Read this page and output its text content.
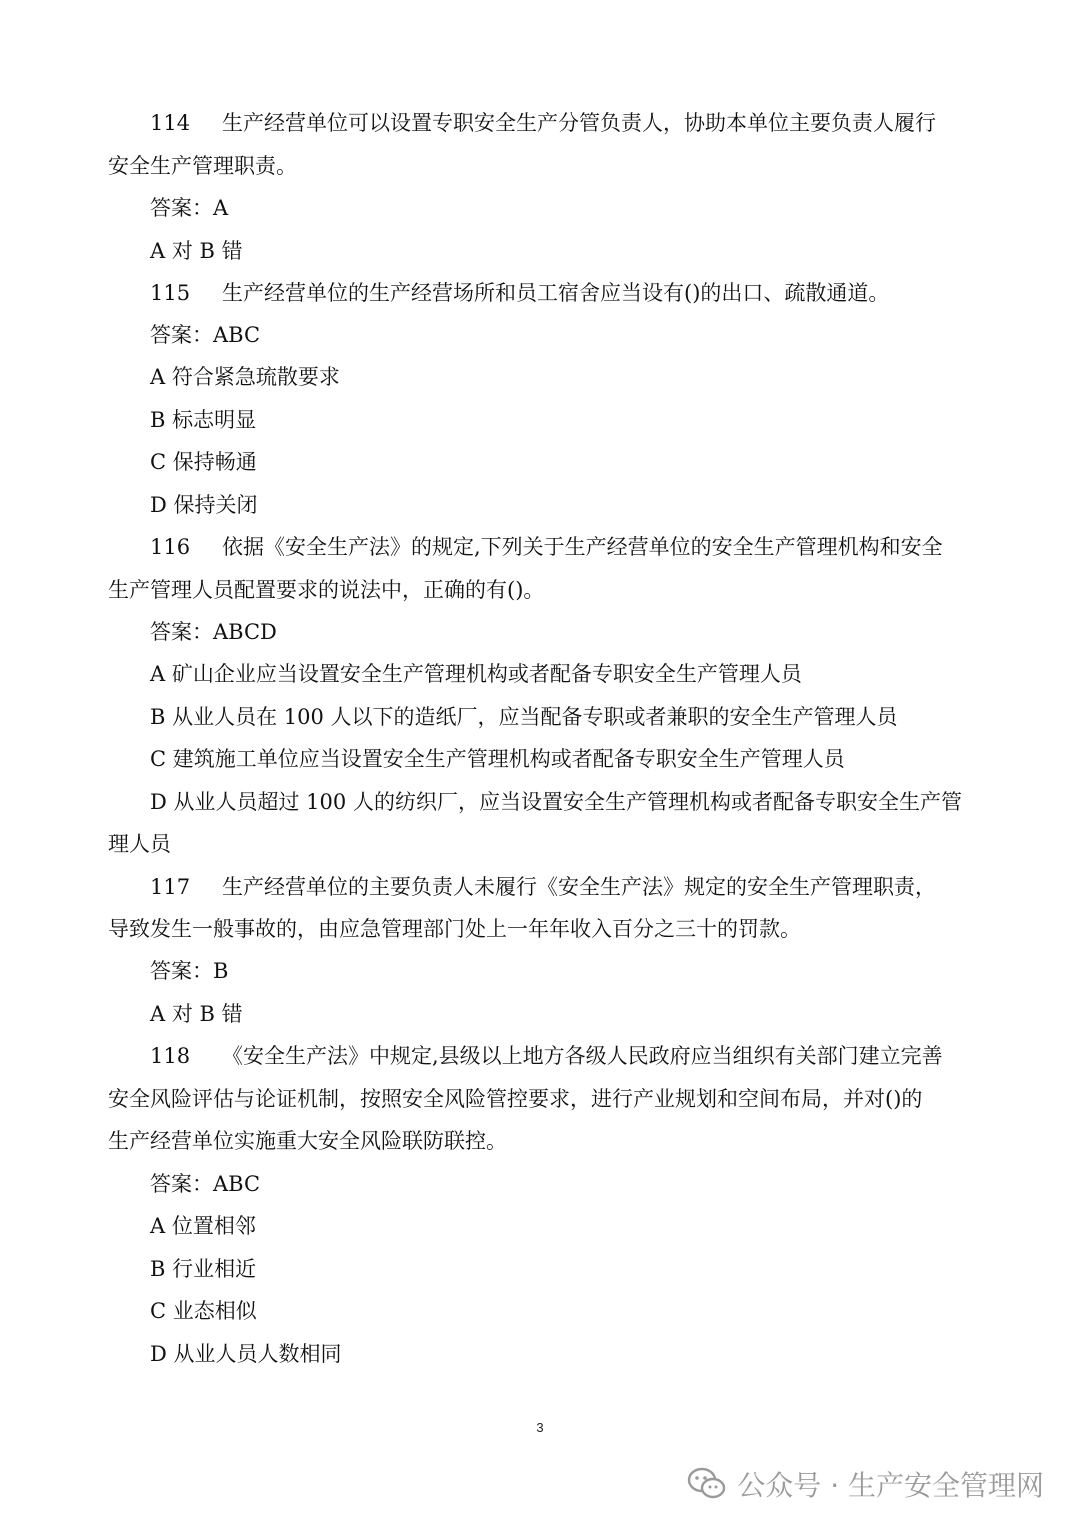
114 生产经营单位可以设置专职安全生产分管负责人，协助本单位主要负责人履行
安全生产管理职责。
答案：A
A 对 B 错
115 生产经营单位的生产经营场所和员工宿舍应当设有()的出口、疏散通道。
答案：ABC
A 符合紧急琉散要求
B 标志明显
C 保持畅通
D 保持关闭
116 依据《安全生产法》的规定,下列关于生产经营单位的安全生产管理机构和安全
生产管理人员配置要求的说法中，正确的有()。
答案：ABCD
A 矿山企业应当设置安全生产管理机构或者配备专职安全生产管理人员
B 从业人员在 100 人以下的造纸厂，应当配备专职或者兼职的安全生产管理人员
C 建筑施工单位应当设置安全生产管理机构或者配备专职安全生产管理人员
D 从业人员超过 100 人的纺织厂，应当设置安全生产管理机构或者配备专职安全生产管
理人员
117 生产经营单位的主要负责人未履行《安全生产法》规定的安全生产管理职责，
导致发生一般事故的，由应急管理部门处上一年年收入百分之三十的罚款。
答案：B
A 对 B 错
118 《安全生产法》中规定,县级以上地方各级人民政府应当组织有关部门建立完善
安全风险评估与论证机制，按照安全风险管控要求，进行产业规划和空间布局，并对()的
生产经营单位实施重大安全风险联防联控。
答案：ABC
A 位置相邻
B 行业相近
C 业态相似
D 从业人员人数相同
3
公众号 · 生产安全管理网
